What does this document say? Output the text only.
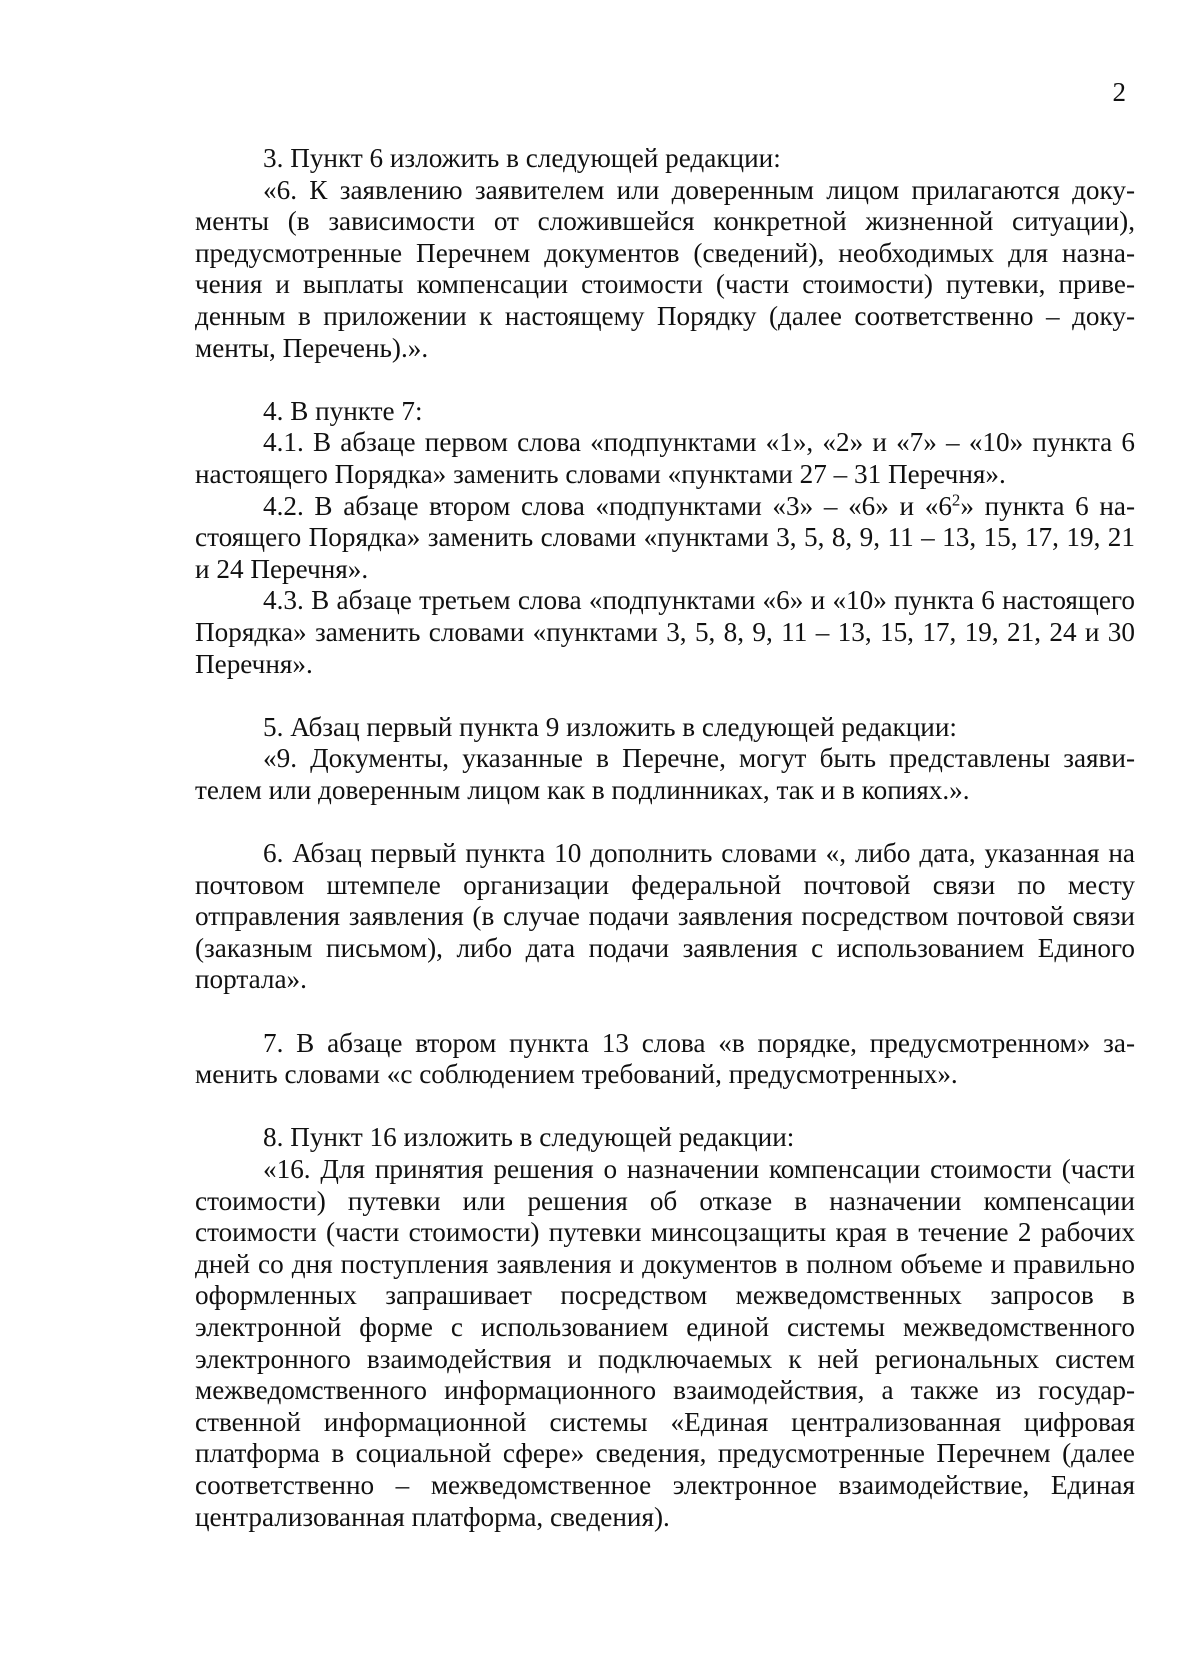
2

3. Пункт 6 изложить в следующей редакции:

«6. К заявлению заявителем или доверенным лицом прилагаются документы (в зависимости от сложившейся конкретной жизненной ситуации), предусмотренные Перечнем документов (сведений), необходимых для назначения и выплаты компенсации стоимости (части стоимости) путевки, приведенным в приложении к настоящему Порядку (далее соответственно – документы, Перечень).».

4. В пункте 7:

4.1. В абзаце первом слова «подпунктами «1», «2» и «7» – «10» пункта 6 настоящего Порядка» заменить словами «пунктами 27 – 31 Перечня».

4.2. В абзаце втором слова «подпунктами «3» – «6» и «$6^2$» пункта 6 настоящего Порядка» заменить словами «пунктами 3, 5, 8, 9, 11 – 13, 15, 17, 19, 21 и 24 Перечня».

4.3. В абзаце третьем слова «подпунктами «6» и «10» пункта 6 настоящего Порядка» заменить словами «пунктами 3, 5, 8, 9, 11 – 13, 15, 17, 19, 21, 24 и 30 Перечня».

5. Абзац первый пункта 9 изложить в следующей редакции:

«9. Документы, указанные в Перечне, могут быть представлены заявителем или доверенным лицом как в подлинниках, так и в копиях.».

6. Абзац первый пункта 10 дополнить словами «, либо дата, указанная на почтовом штемпеле организации федеральной почтовой связи по месту отправления заявления (в случае подачи заявления посредством почтовой связи (заказным письмом), либо дата подачи заявления с использованием Единого портала».

7. В абзаце втором пункта 13 слова «в порядке, предусмотренном» заменить словами «с соблюдением требований, предусмотренных».

8. Пункт 16 изложить в следующей редакции:

«16. Для принятия решения о назначении компенсации стоимости (части стоимости) путевки или решения об отказе в назначении компенсации стоимости (части стоимости) путевки минсоцзащиты края в течение 2 рабочих дней со дня поступления заявления и документов в полном объеме и правильно оформленных запрашивает посредством межведомственных запросов в электронной форме с использованием единой системы межведомственного электронного взаимодействия и подключаемых к ней региональных систем межведомственного информационного взаимодействия, а также из государственной информационной системы «Единая централизованная цифровая платформа в социальной сфере» сведения, предусмотренные Перечнем (далее соответственно – межведомственное электронное взаимодействие, Единая централизованная платформа, сведения).
